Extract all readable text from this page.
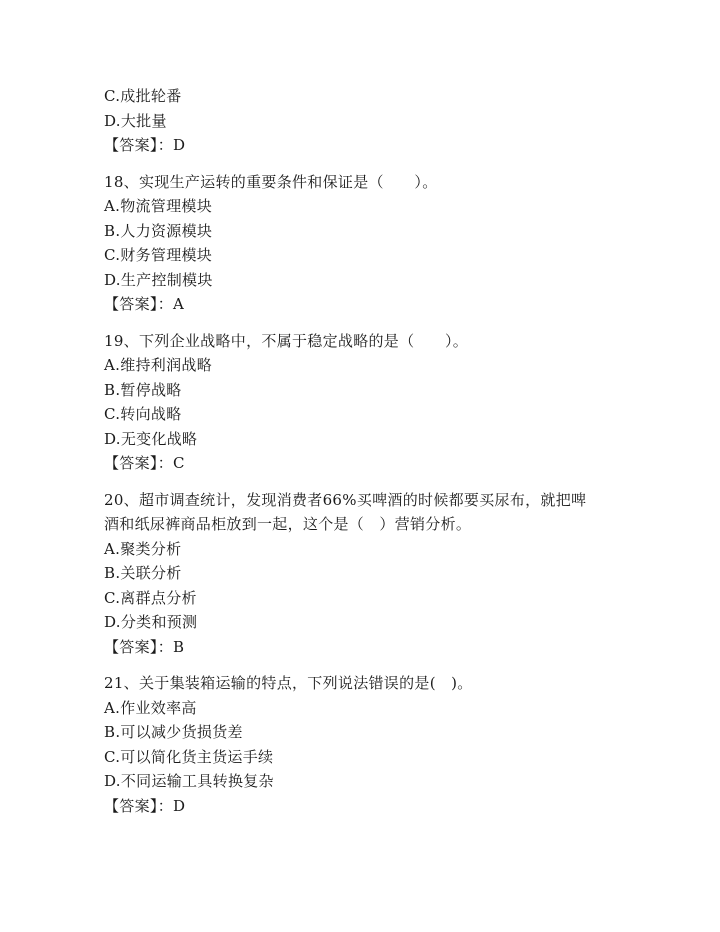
C.成批轮番
D.大批量
【答案】：D
18、实现生产运转的重要条件和保证是（　　）。
A.物流管理模块
B.人力资源模块
C.财务管理模块
D.生产控制模块
【答案】：A
19、下列企业战略中，不属于稳定战略的是（　　）。
A.维持利润战略
B.暂停战略
C.转向战略
D.无变化战略
【答案】：C
20、超市调查统计，发现消费者66%买啤酒的时候都要买尿布，就把啤
酒和纸尿裤商品柜放到一起，这个是（　）营销分析。
A.聚类分析
B.关联分析
C.离群点分析
D.分类和预测
【答案】：B
21、关于集装箱运输的特点，下列说法错误的是(　)。
A.作业效率高
B.可以减少货损货差
C.可以简化货主货运手续
D.不同运输工具转换复杂
【答案】：D
